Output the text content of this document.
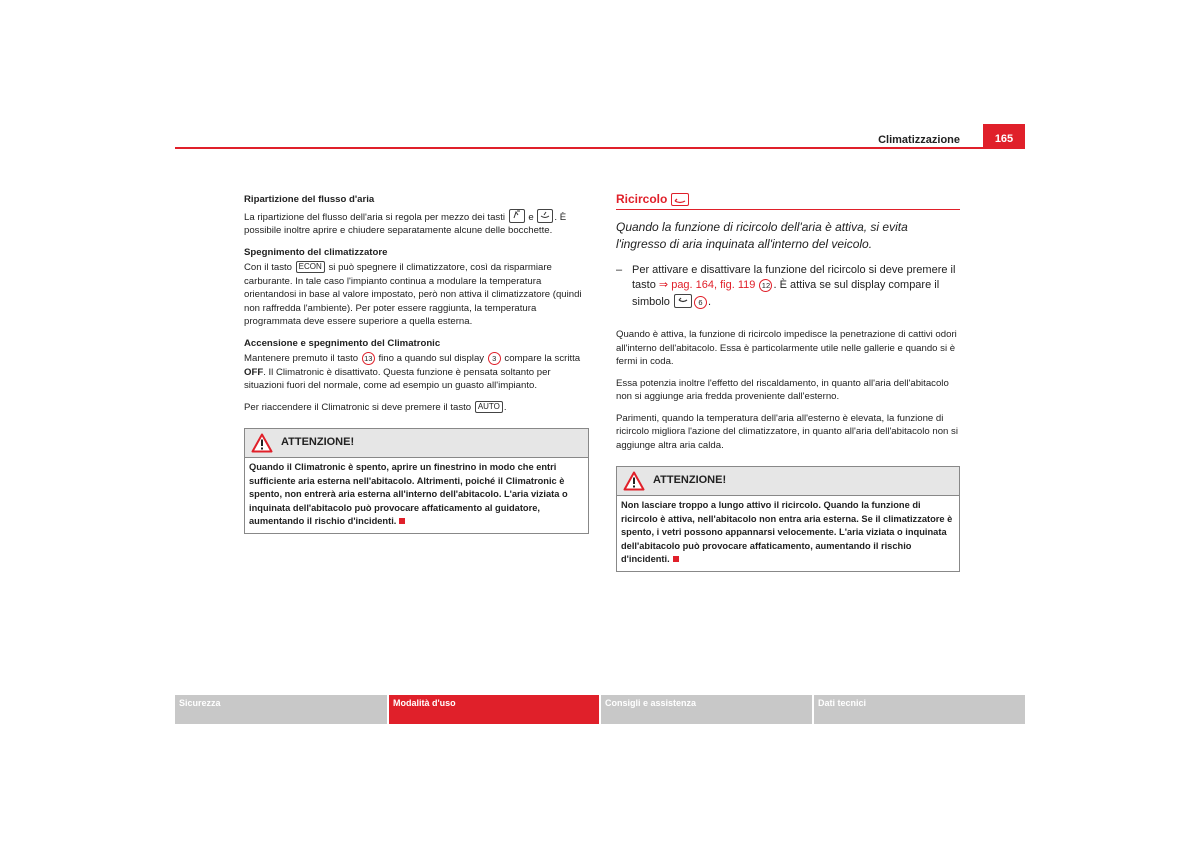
Climatizzazione	165
Ripartizione del flusso d'aria

La ripartizione del flusso dell'aria si regola per mezzo dei tasti e . È possibile inoltre aprire e chiudere separatamente alcune delle bocchette.

Spegnimento del climatizzatore

Con il tasto ECON si può spegnere il climatizzatore, così da risparmiare carburante. In tale caso l'impianto continua a modulare la temperatura orientandosi in base al valore impostato, però non attiva il climatizzatore (quindi non raffredda l'ambiente). Per poter essere raggiunta, la temperatura programmata deve essere superiore a quella esterna.

Accensione e spegnimento del Climatronic

Mantenere premuto il tasto 13 fino a quando sul display 3 compare la scritta OFF. Il Climatronic è disattivato. Questa funzione è pensata soltanto per situazioni fuori del normale, come ad esempio un guasto all'impianto.

Per riaccendere il Climatronic si deve premere il tasto AUTO .

ATTENZIONE!
Quando il Climatronic è spento, aprire un finestrino in modo che entri sufficiente aria esterna nell'abitacolo. Altrimenti, poiché il Climatronic è spento, non entrerà aria esterna all'interno dell'abitacolo. L'aria viziata o inquinata dell'abitacolo può provocare affaticamento al guidatore, aumentando il rischio d'incidenti.
Ricircolo
Quando la funzione di ricircolo dell'aria è attiva, si evita l'ingresso di aria inquinata all'interno del veicolo.
– Per attivare e disattivare la funzione del ricircolo si deve premere il tasto ⇒ pag. 164, fig. 119 12 . È attiva se sul display compare il simbolo	6 .

Quando è attiva, la funzione di ricircolo impedisce la penetrazione di cattivi odori all'interno dell'abitacolo. Essa è particolarmente utile nelle gallerie e quando si è fermi in coda.

Essa potenzia inoltre l'effetto del riscaldamento, in quanto all'aria dell'abitacolo non si aggiunge aria fredda proveniente dall'esterno.

Parimenti, quando la temperatura dell'aria all'esterno è elevata, la funzione di ricircolo migliora l'azione del climatizzatore, in quanto all'aria dell'abitacolo non si aggiunge altra aria calda.

ATTENZIONE!
Non lasciare troppo a lungo attivo il ricircolo. Quando la funzione di ricircolo è attiva, nell'abitacolo non entra aria esterna. Se il climatizzatore è spento, i vetri possono appannarsi velocemente. L'aria viziata o inquinata dell'abitacolo può provocare affaticamento, aumentando il rischio d'incidenti.
Sicurezza	Modalità d'uso	Consigli e assistenza	Dati tecnici
